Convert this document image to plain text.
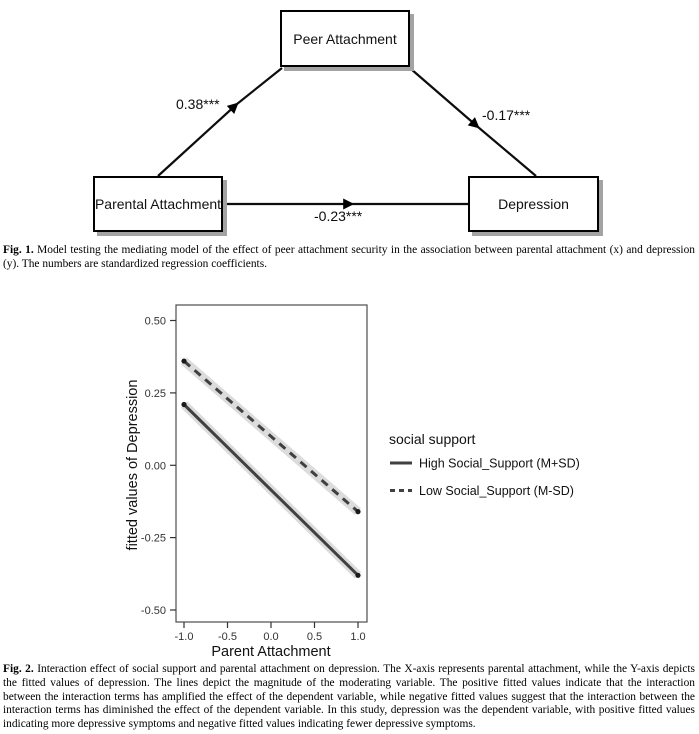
Peer Attachment
Parental Attachment	Depression
0.38***
-0.17***
-0.23***

Fig. 1. Model testing the mediating model of the effect of peer attachment security in the association between parental attachment (x) and depression (y). The numbers are standardized regression coefficients.

0.50
0.25
0.00
-0.25
-0.50
-1.0 -0.5 0.0	0.5	1.0
Parent Attachment
fitted values of Depression	social support
High Social_Support (M+SD)
Low Social_Support (M-SD)

Fig. 2. Interaction effect of social support and parental attachment on depression. The X-axis represents parental attachment, while the Y-axis depicts the fitted values of depression. The lines depict the magnitude of the moderating variable. The positive fitted values indicate that the interaction between the interaction terms has amplified the effect of the dependent variable, while negative fitted values suggest that the interaction between the interaction terms has diminished the effect of the dependent variable. In this study, depression was the dependent variable, with positive fitted values indicating more depressive symptoms and negative fitted values indicating fewer depressive symptoms.
